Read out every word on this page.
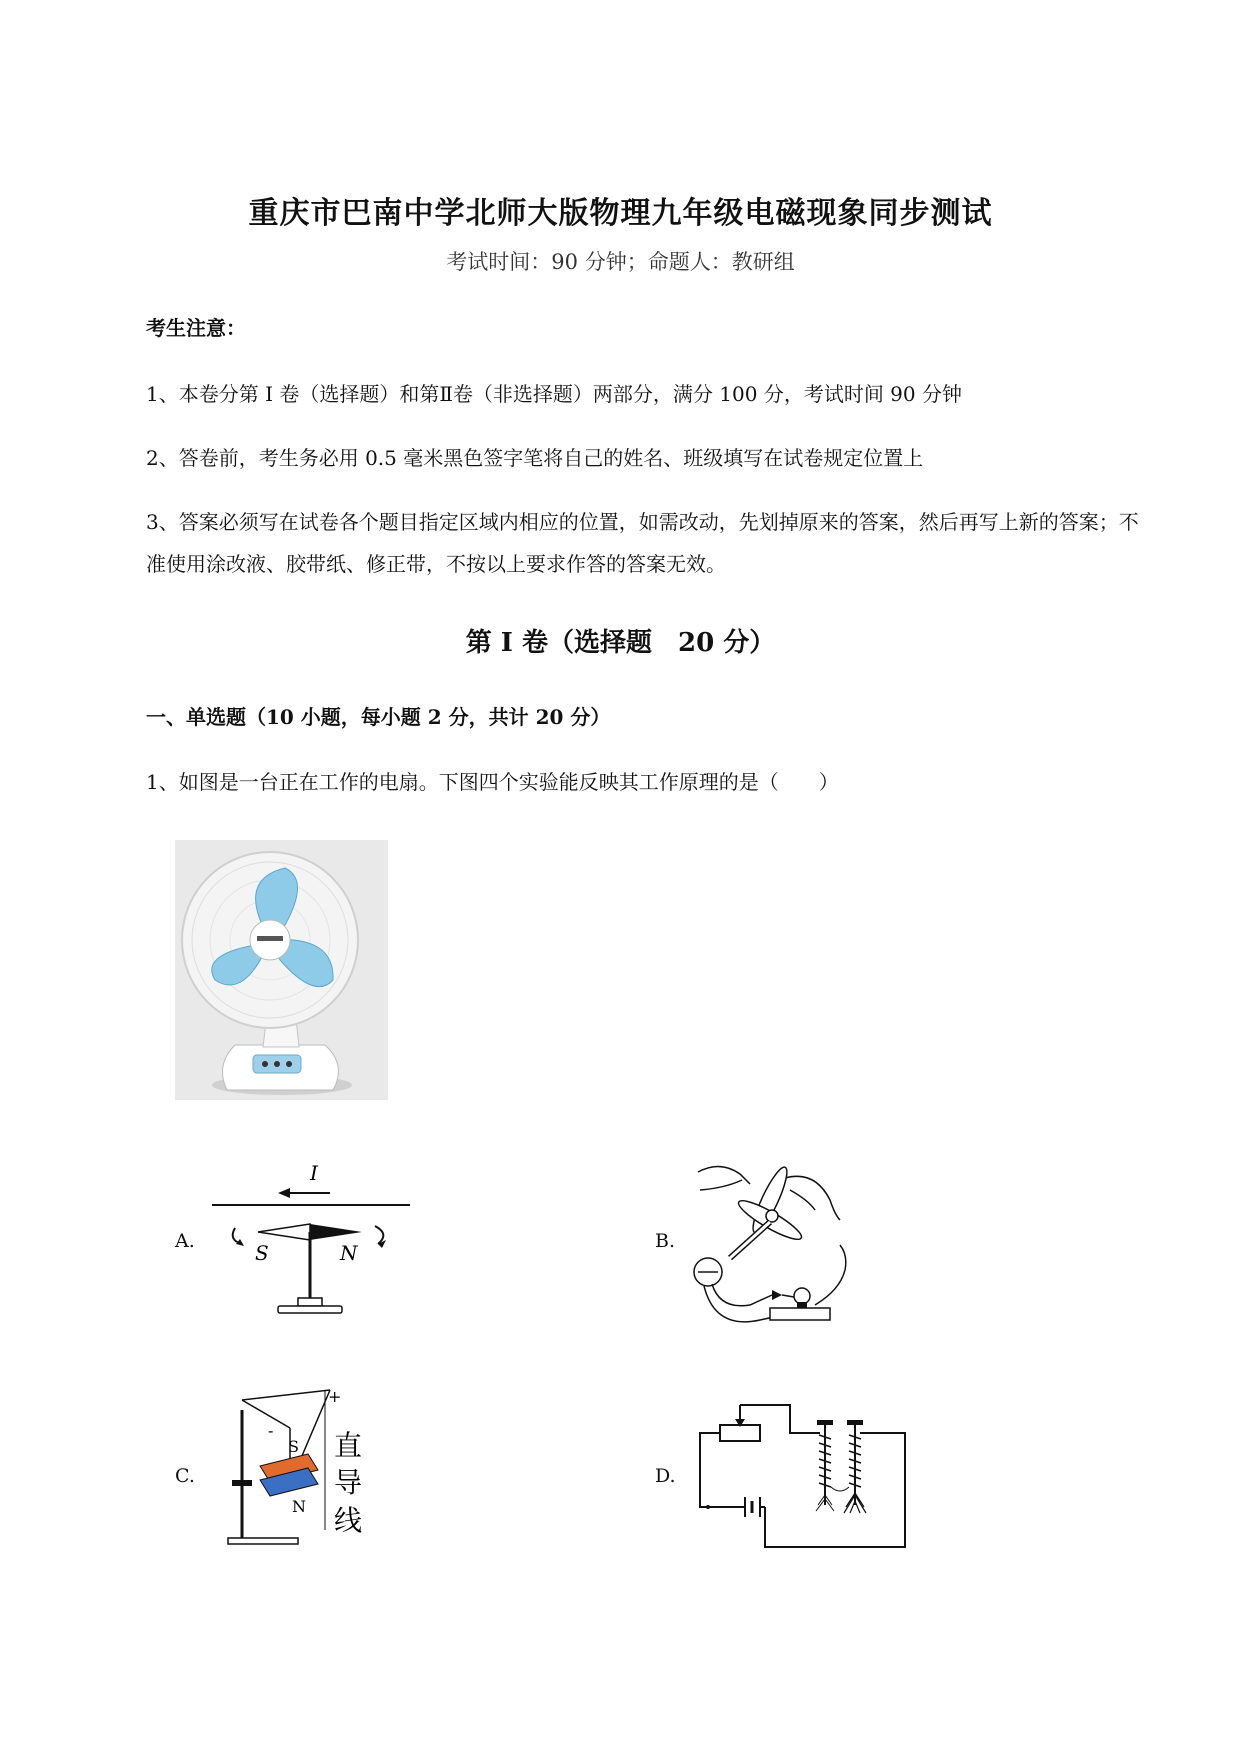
重庆市巴南中学北师大版物理九年级电磁现象同步测试
考试时间：90 分钟；命题人：教研组
考生注意：
1、本卷分第 I 卷（选择题）和第Ⅱ卷（非选择题）两部分，满分 100 分，考试时间 90 分钟
2、答卷前，考生务必用 0.5 毫米黑色签字笔将自己的姓名、班级填写在试卷规定位置上
3、答案必须写在试卷各个题目指定区域内相应的位置，如需改动，先划掉原来的答案，然后再写上新的答案；不准使用涂改液、胶带纸、修正带，不按以上要求作答的答案无效。
第 I 卷（选择题　20 分）
一、单选题（10 小题，每小题 2 分，共计 20 分）
1、如图是一台正在工作的电扇。下图四个实验能反映其工作原理的是（　　）
A.
I
S	N	B.
C.
+
-
S
N
直
导
线
D.
